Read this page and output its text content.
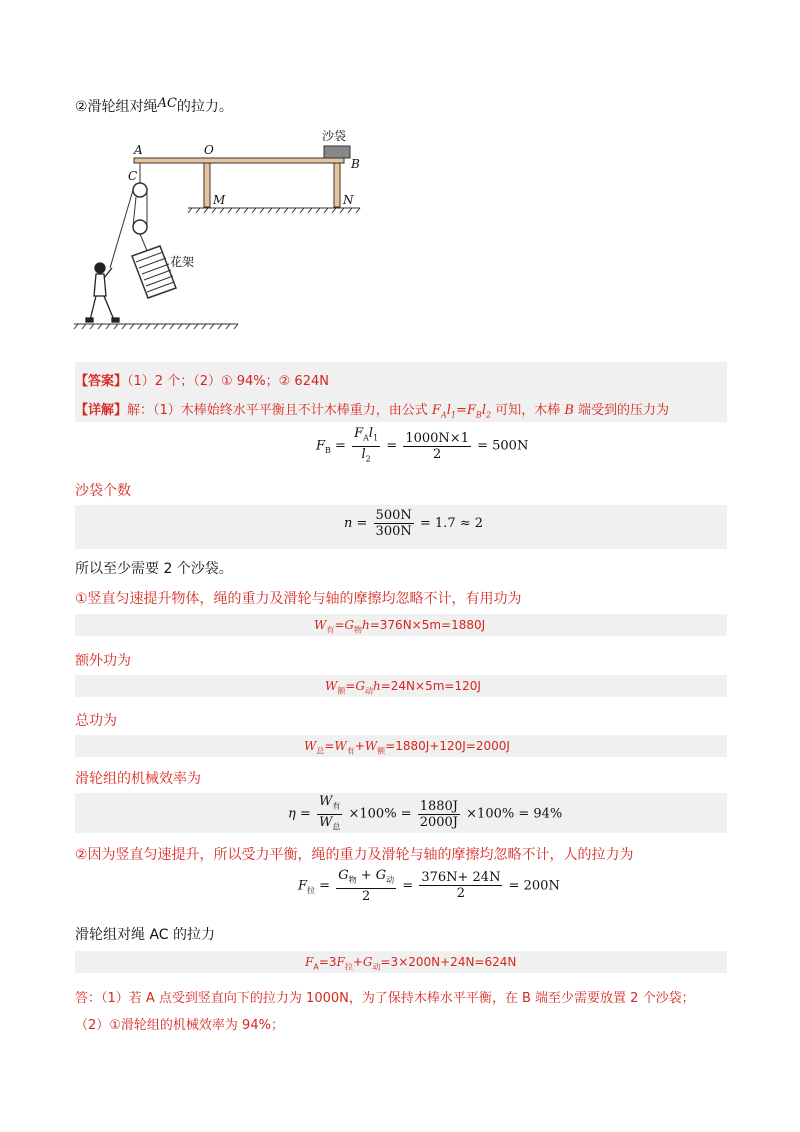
②滑轮组对绳AC的拉力。
A	O
B
C
M	N
沙袋
花架
【答案】（1）2 个；（2）① 94%；② 624N
【详解】解：（1）木棒始终水平平衡且不计木棒重力，由公式 $F_Al_1=F_Bl_2$ 可知，木棒 B 端受到的压力为
$F_B = \frac{F_Al_1}{l_2} = \frac{1000N\times 1}{2} = 500N$
沙袋个数
$n = \frac{500N}{300N} = 1.7 \approx 2$
所以至少需要 2 个沙袋。
①竖直匀速提升物体，绳的重力及滑轮与轴的摩擦均忽略不计，有用功为
$W_有=G_物h=376N\times 5m=1880J$
额外功为
$W_额=G_动h=24N\times 5m=120J$
总功为
$W_总=W_有+W_额=1880J+120J=2000J$
滑轮组的机械效率为
$\eta = \frac{W_有}{W_总} \times 100\% = \frac{1880J}{2000J} \times 100\% = 94\%$
②因为竖直匀速提升，所以受力平衡，绳的重力及滑轮与轴的摩擦均忽略不计，人的拉力为
$F_拉 = \frac{G_物 + G_动}{2} = \frac{376N+ 24N}{2} = 200N$
滑轮组对绳 AC 的拉力
$F_A=3F_拉+G_动=3\times 200N+24N=624N$
答：（1）若 A 点受到竖直向下的拉力为 1000N，为了保持木棒水平平衡，在 B 端至少需要放置 2 个沙袋；
（2）①滑轮组的机械效率为 94%；
